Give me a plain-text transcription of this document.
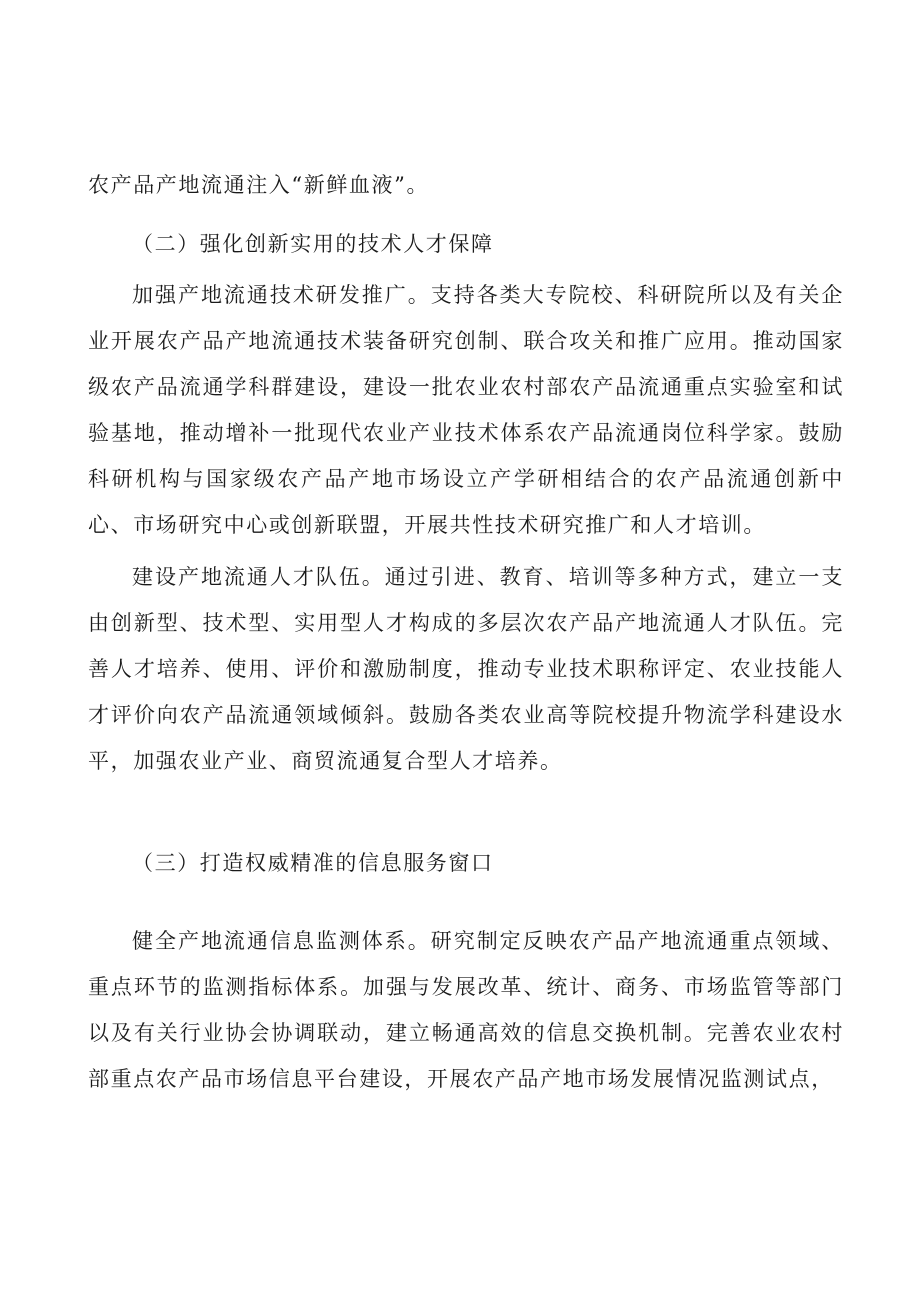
农产品产地流通注入“新鲜血液”。

（二）强化创新实用的技术人才保障

加强产地流通技术研发推广。支持各类大专院校、科研院所以及有关企业开展农产品产地流通技术装备研究创制、联合攻关和推广应用。推动国家级农产品流通学科群建设，建设一批农业农村部农产品流通重点实验室和试验基地，推动增补一批现代农业产业技术体系农产品流通岗位科学家。鼓励科研机构与国家级农产品产地市场设立产学研相结合的农产品流通创新中心、市场研究中心或创新联盟，开展共性技术研究推广和人才培训。

建设产地流通人才队伍。通过引进、教育、培训等多种方式，建立一支由创新型、技术型、实用型人才构成的多层次农产品产地流通人才队伍。完善人才培养、使用、评价和激励制度，推动专业技术职称评定、农业技能人才评价向农产品流通领域倾斜。鼓励各类农业高等院校提升物流学科建设水平，加强农业产业、商贸流通复合型人才培养。

（三）打造权威精准的信息服务窗口

健全产地流通信息监测体系。研究制定反映农产品产地流通重点领域、重点环节的监测指标体系。加强与发展改革、统计、商务、市场监管等部门以及有关行业协会协调联动，建立畅通高效的信息交换机制。完善农业农村部重点农产品市场信息平台建设，开展农产品产地市场发展情况监测试点，
